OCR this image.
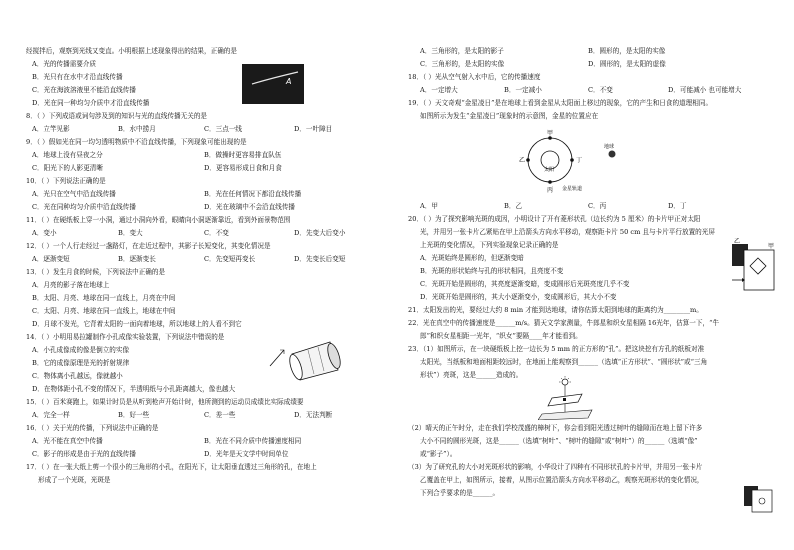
经搅拌后，观察到光线又变直。小明根据上述现象得出的结果，正确的是
A．光的传播需要介质
B．光只有在水中才沿直线传播
C．光在海波溶液里不能沿直线传播
D．光在同一种均匀介质中才沿直线传播
A
8．（ ）下列成语或词句涉及到的知识与光的直线传播无关的是
A．立竿见影	B．水中捞月	C．三点一线	D．一叶障目
9．（ ）假如光在同一均匀透明物质中不沿直线传播，下列现象可能出现的是
A．地球上没有昼夜之分	B．做操时更容易排直队伍
C．阳光下的人影更清晰	D．更容易形成日食和月食
10．（ ）下列说法正确的是
A．光只在空气中沿直线传播	B．光在任何情况下都沿直线传播
C．光在同种均匀介质中沿直线传播	D．光在玻璃中不会沿直线传播
11．（ ）在硬纸板上穿一小洞，通过小洞向外看，眼睛向小洞逐渐靠近，看到外面景物范围
A．变小	B．变大	C．不变	D．先变大后变小
12．（ ）一个人行走经过一盏路灯，在走近过程中，其影子长短变化，其变化情况是
A．逐渐变短	B．逐渐变长	C．先变短再变长	D．先变长后变短
13．（ ）发生月食的时候，下列说法中正确的是
A．月亮的影子落在地球上
B．太阳、月亮、地球在同一直线上，月亮在中间
C．太阳、月亮、地球在同一直线上，地球在中间
D．月球不发光，它背着太阳的一面向着地球，所以地球上的人看不到它
14．（ ）小明用易拉罐制作小孔成像实验装置，下列说法中错误的是
A．小孔成像成的像是倒立的实像
B．它的成像原理是光的折射规律
C．物体离小孔越远，像就越小
D．在物体距小孔不变的情况下，半透明纸与小孔距离越大，像也越大
15．（ ）百米赛跑上，如果计时员是从听到枪声开始计时，他所测到的运动员成绩比实际成绩要
A．完全一样	B．好一些	C．差一些	D．无法判断
16．（ ）关于光的传播，下列说法中正确的是
A．光不能在真空中传播	B．光在不同介质中传播速度相同
C．影子的形成是由于光的直线传播	D．光年是天文学中时间单位
17．（ ）在一张大纸上剪一个很小的三角形的小孔，在阳光下，让太阳垂直透过三角形的孔，在地上
形成了一个光斑，光斑是
A．三角形的，是太阳的影子	B．圆形的，是太阳的实像
C．三角形的，是太阳的实像	D．圆形的，是太阳的虚像
18．（ ）光从空气射入水中后，它的传播速度
A．一定增大	B．一定减小	C．不变	D．可能减小 也可能增大
19．（ ）天文奇观“金星凌日”是在地球上看到金星从太阳面上移过的现象，它的产生和日食的道理相同。
如图所示为发生“金星凌日”现象时的示意图，金星的位置应在
太阳
甲
乙	丁
丙 金星轨道
地球
A．甲	B．乙	C．丙	D．丁
20．（ ）为了探究影响光斑的成因，小明设计了开有菱形状孔（边长约为 5 厘米）的卡片甲正对太阳
光，并用另一张卡片乙紧贴在甲上沿箭头方向水平移动，观察距卡片 50 cm 且与卡片平行放置的光屏
上光斑的变化情况，下列实验现象记录正确的是
A．光斑始终是圆形的，但逐渐变暗
B．光斑的形状始终与孔的形状相同，且亮度不变
C．光斑开始是圆形的，其亮度逐渐变暗，变成圆形后光斑亮度几乎不变
D．光斑开始是圆形的，其大小逐渐变小，变成圆形后，其大小不变
乙
甲
21．太阳发出的光，要经过大约 8 min 才能到达地球，请你估算太阳到地球的距离约为________m。
22．光在真空中的传播速度是______m/s。猜天文学家测量，牛郎星和织女星相隔 16光年，估算一下，“牛
郎”和织女星相距一光年，“织女”要隔____年才能看到。
23．（1）如图所示，在一块硬纸板上挖一边长为 5 mm 的正方形的“孔”。把这块挖有方孔的纸板对准
太阳光，当纸板和地面相距较远时，在地面上能观察到______（选填“正方形状”、“圆形状”或“三角
形状”）亮斑，这是______造成的。
（2）晴天的正午时分，走在我们学校茂盛的樟树下，你会看到阳光透过树叶的缝隙而在地上留下许多
大小不同的圆形光斑，这是______（选填“树叶”、“树叶的缝隙”或“树叶”）的______（选填“像”
或“影子”）。
（3）为了研究孔的大小对光斑形状的影响，小华设计了四种有不同形状孔的卡片甲，并用另一张卡片
乙覆盖在甲上，如图所示，接着，从图示位置沿箭头方向水平移动乙，观察光斑形状的变化情况，
下列合乎要求的是______。
